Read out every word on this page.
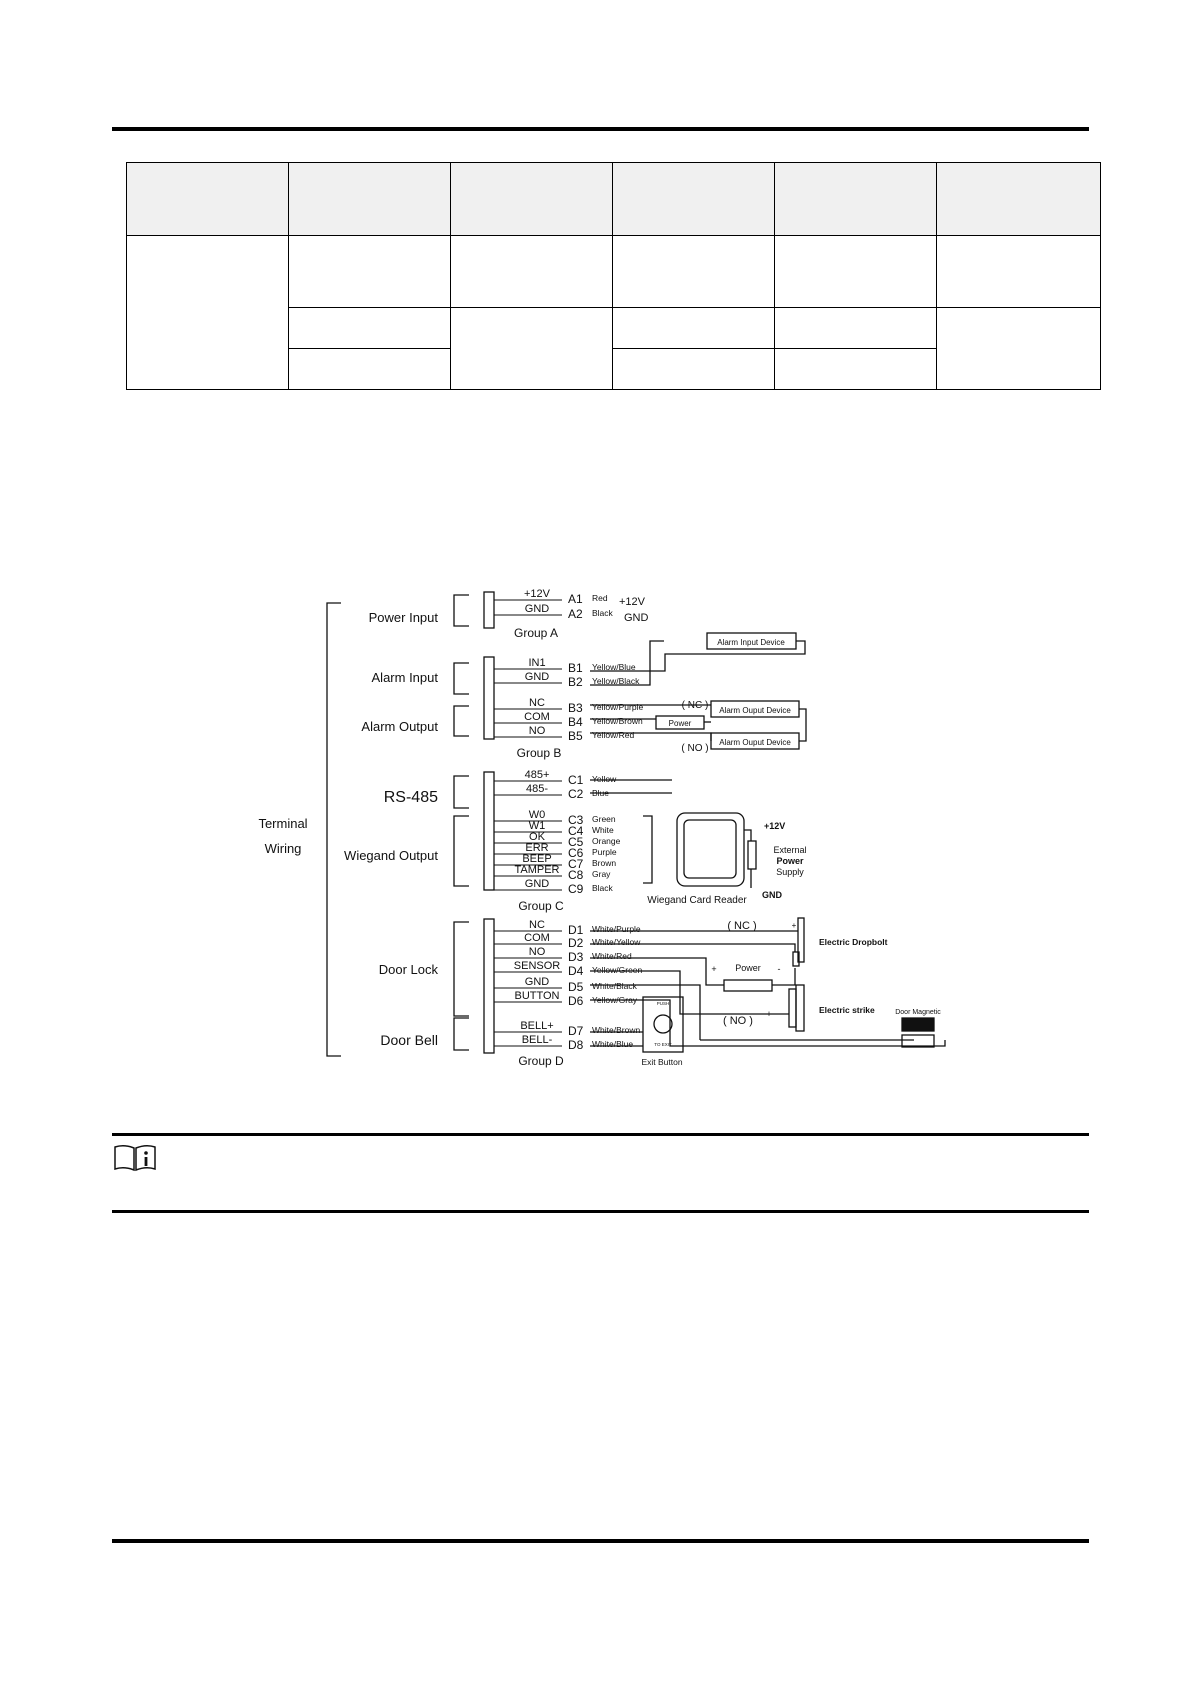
Terminal
Wiring
Power Input
Alarm Input
Alarm Output
RS-485
Wiegand Output
Door Lock
Door Bell
Group A
Group B
Group C
Group D
+12V A1 Red
GND A2 Black
IN1 B1 Yellow/Blue
GND B2 Yellow/Black
NC B3 Yellow/Purple
COM B4 Yellow/Brown
NO B5 Yellow/Red
485+ C1 Yellow
485- C2 Blue
W0 C3 Green
W1 C4 White
OK C5 Orange
ERR C6 Purple
BEEP C7 Brown
TAMPER C8 Gray
GND C9 Black
NC D1 White/Purple
COM D2 White/Yellow
NO D3 White/Red
SENSOR D4 Yellow/Green
GND D5 White/Black
BUTTON D6 Yellow/Gray
BELL+ D7 White/Brown
BELL- D8 White/Blue
+12V
GND
Alarm Input Device
Alarm Ouput Device
Alarm Ouput Device
Power
( NC )
( NO )
Wiegand Card Reader
+12V
External
Power
Supply
GND
( NC )
Power
+	-
( NO )
+
+
Electric Dropbolt
Electric strike	Door Magnetic
PUSH
TO EXIT
Exit Button
